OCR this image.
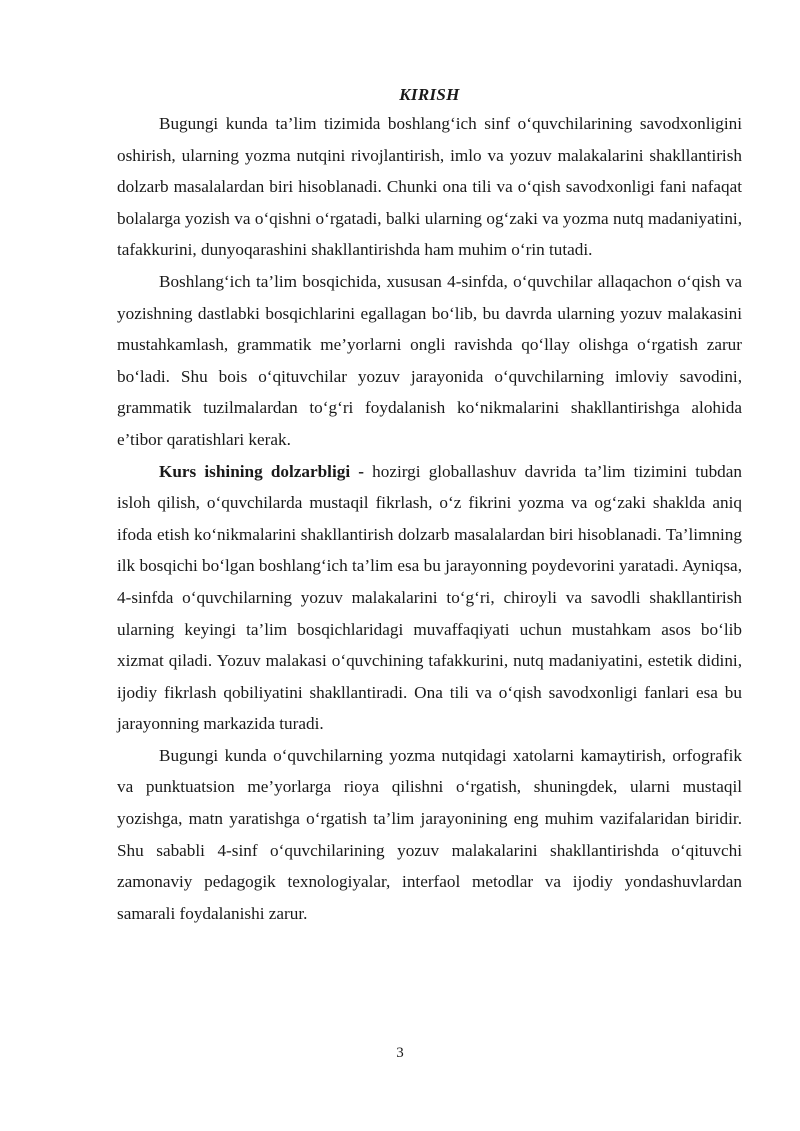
KIRISH

Bugungi kunda ta’lim tizimida boshlang‘ich sinf o‘quvchilarining savodxonligini oshirish, ularning yozma nutqini rivojlantirish, imlo va yozuv malakalarini shakllantirish dolzarb masalalardan biri hisoblanadi. Chunki ona tili va o‘qish savodxonligi fani nafaqat bolalarga yozish va o‘qishni o‘rgatadi, balki ularning og‘zaki va yozma nutq madaniyatini, tafakkurini, dunyoqarashini shakllantirishda ham muhim o‘rin tutadi.

Boshlang‘ich ta’lim bosqichida, xususan 4-sinfda, o‘quvchilar allaqachon o‘qish va yozishning dastlabki bosqichlarini egallagan bo‘lib, bu davrda ularning yozuv malakasini mustahkamlash, grammatik me’yorlarni ongli ravishda qo‘llay olishga o‘rgatish zarur bo‘ladi. Shu bois o‘qituvchilar yozuv jarayonida o‘quvchilarning imloviy savodini, grammatik tuzilmalardan to‘g‘ri foydalanish ko‘nikmalarini shakllantirishga alohida e’tibor qaratishlari kerak.

Kurs ishining dolzarbligi - hozirgi globallashuv davrida ta’lim tizimini tubdan isloh qilish, o‘quvchilarda mustaqil fikrlash, o‘z fikrini yozma va og‘zaki shaklda aniq ifoda etish ko‘nikmalarini shakllantirish dolzarb masalalardan biri hisoblanadi. Ta’limning ilk bosqichi bo‘lgan boshlang‘ich ta’lim esa bu jarayonning poydevorini yaratadi. Ayniqsa, 4-sinfda o‘quvchilarning yozuv malakalarini to‘g‘ri, chiroyli va savodli shakllantirish ularning keyingi ta’lim bosqichlaridagi muvaffaqiyati uchun mustahkam asos bo‘lib xizmat qiladi. Yozuv malakasi o‘quvchining tafakkurini, nutq madaniyatini, estetik didini, ijodiy fikrlash qobiliyatini shakllantiradi. Ona tili va o‘qish savodxonligi fanlari esa bu jarayonning markazida turadi.

Bugungi kunda o‘quvchilarning yozma nutqidagi xatolarni kamaytirish, orfografik va punktuatsion me’yorlarga rioya qilishni o‘rgatish, shuningdek, ularni mustaqil yozishga, matn yaratishga o‘rgatish ta’lim jarayonining eng muhim vazifalaridan biridir. Shu sababli 4-sinf o‘quvchilarining yozuv malakalarini shakllantirishda o‘qituvchi zamonaviy pedagogik texnologiyalar, interfaol metodlar va ijodiy yondashuvlardan samarali foydalanishi zarur.

3
